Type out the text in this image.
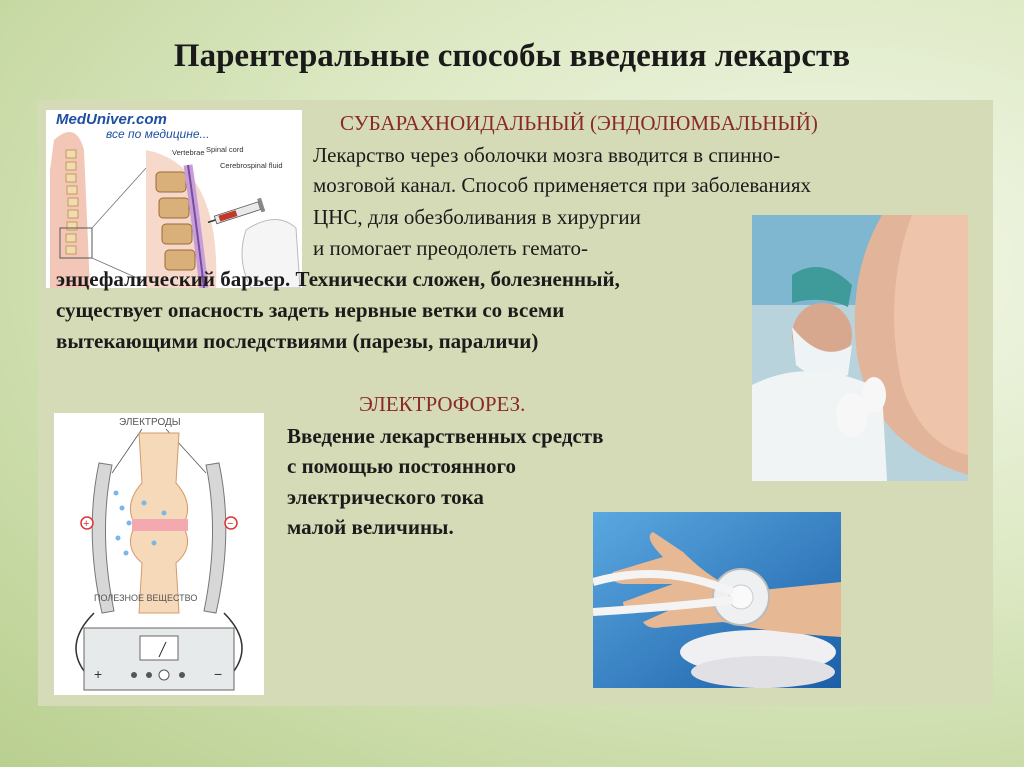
Парентеральные способы введения лекарств
MedUniver.com
все по медицине...
Vertebrae Spinal cord
Cerebrospinal fluid
СУБАРАХНОИДАЛЬНЫЙ (ЭНДОЛЮМБАЛЬНЫЙ)
Лекарство через оболочки мозга вводится в спинно-
мозговой канал. Способ применяется при заболеваниях
ЦНС, для обезболивания в хирургии
и помогает преодолеть гемато-
энцефалический барьер. Технически сложен, болезненный,
существует опасность задеть нервные ветки со всеми
вытекающими последствиями (парезы, параличи)
ЭЛЕКТРОДЫ
+	−
ПОЛЕЗНОЕ ВЕЩЕСТВО
+	−
ЭЛЕКТРОФОРЕЗ.
Введение лекарственных средств
с помощью постоянного
электрического тока
малой величины.
